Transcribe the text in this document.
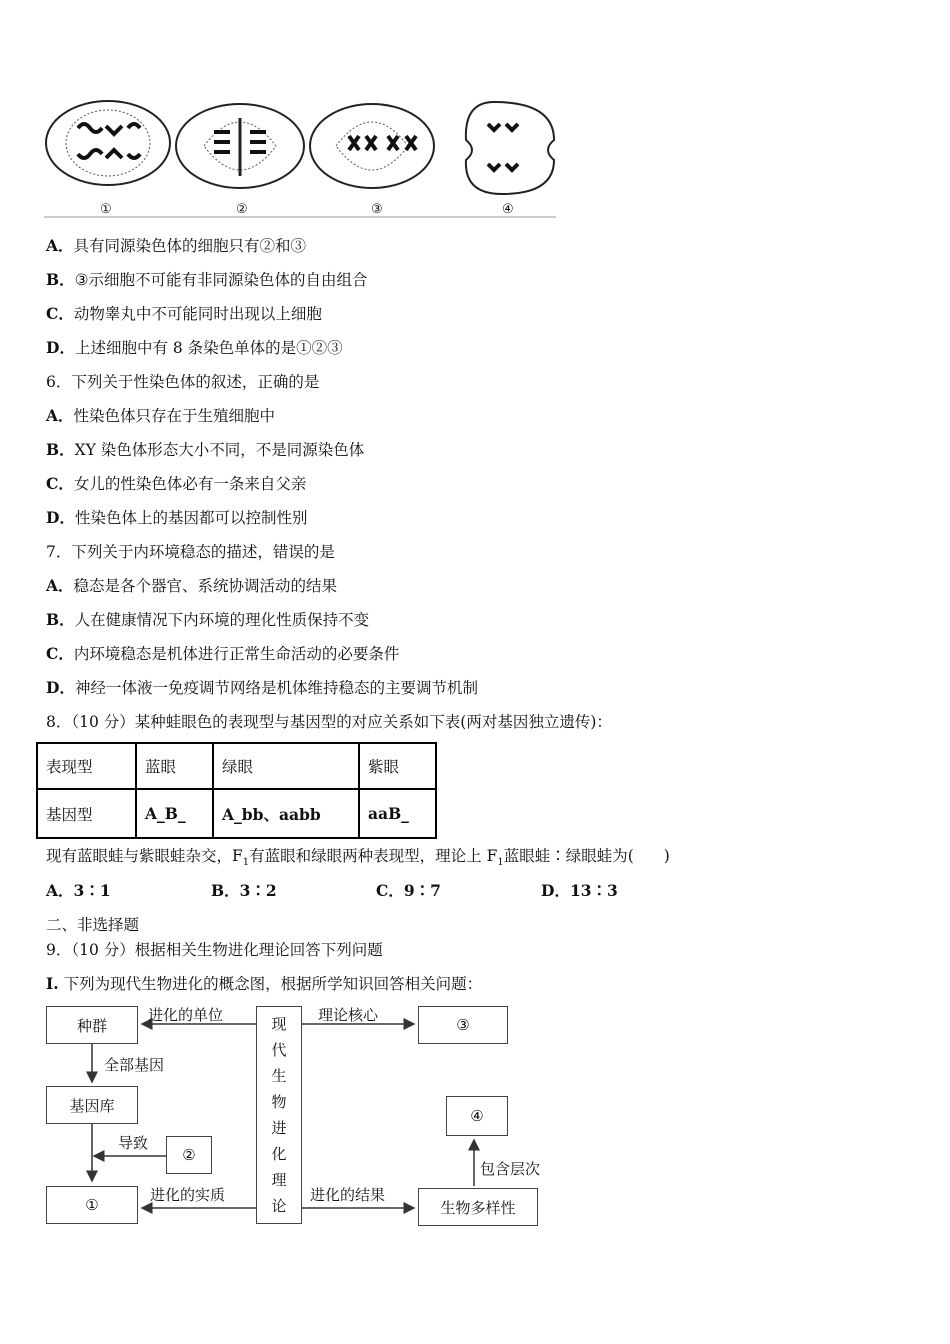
①	②	③	④
A．具有同源染色体的细胞只有②和③
B．③示细胞不可能有非同源染色体的自由组合
C．动物睾丸中不可能同时出现以上细胞
D．上述细胞中有 8 条染色单体的是①②③
6．下列关于性染色体的叙述，正确的是
A．性染色体只存在于生殖细胞中
B．XY 染色体形态大小不同，不是同源染色体
C．女儿的性染色体必有一条来自父亲
D．性染色体上的基因都可以控制性别
7．下列关于内环境稳态的描述，错误的是
A．稳态是各个器官、系统协调活动的结果
B．人在健康情况下内环境的理化性质保持不变
C．内环境稳态是机体进行正常生命活动的必要条件
D．神经一体液一免疫调节网络是机体维持稳态的主要调节机制
8．（10 分）某种蛙眼色的表现型与基因型的对应关系如下表(两对基因独立遗传)：
表现型	蓝眼	绿眼	紫眼
基因型	A_B_	A_bb、aabb	aaB_
现有蓝眼蛙与紫眼蛙杂交，$F_1$有蓝眼和绿眼两种表现型，理论上 $F_1$蓝眼蛙∶绿眼蛙为( )
A．3∶1	B．3∶2	C．9∶7	D．13∶3
二、非选择题
9．（10 分）根据相关生物进化理论回答下列问题
I. 下列为现代生物进化的概念图，根据所学知识回答相关问题：
种群
基因库
①
②
③
④
生物多样性
现
代
生
物
进
化
理
论
进化的单位	理论核心
全部基因
导致
进化的实质	进化的结果
包含层次
